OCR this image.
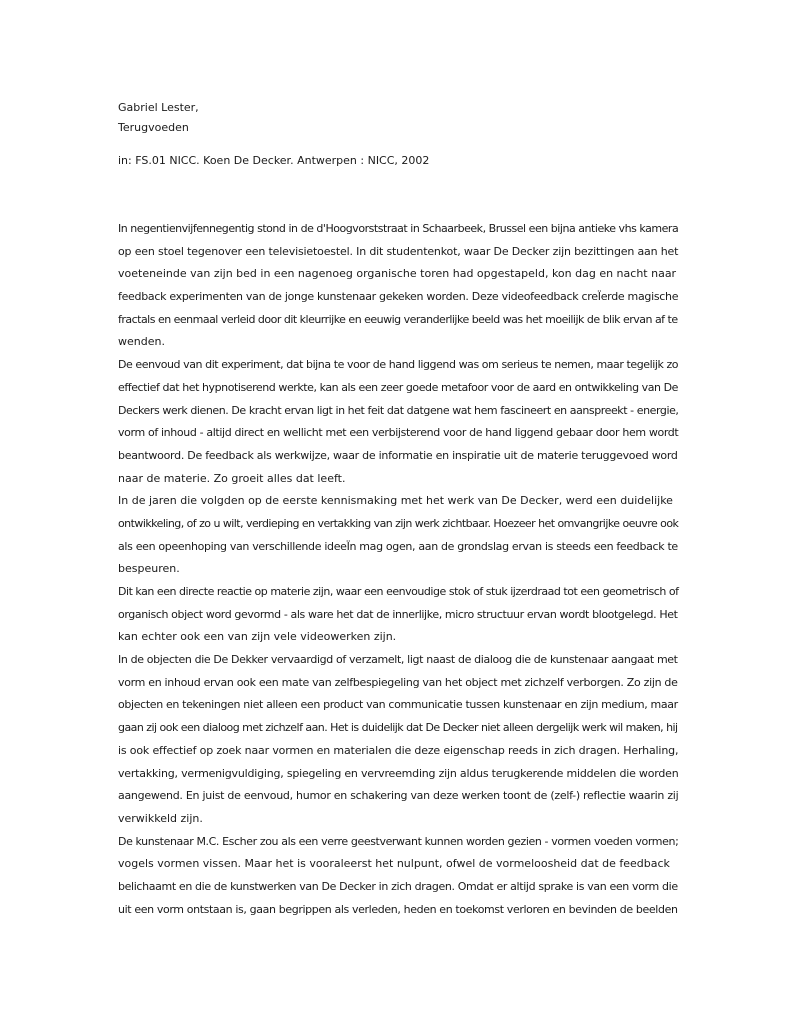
Gabriel Lester,
Terugvoeden
in: FS.01 NICC. Koen De Decker. Antwerpen : NICC, 2002
In negentienvijfennegentig stond in de d'Hoogvorststraat in Schaarbeek, Brussel een bijna antieke vhs kamera
op een stoel tegenover een televisietoestel. In dit studentenkot, waar De Decker zijn bezittingen aan het
voeteneinde van zijn bed in een nagenoeg organische toren had opgestapeld, kon dag en nacht naar
feedback experimenten van de jonge kunstenaar gekeken worden. Deze videofeedback creΪerde magische
fractals en eenmaal verleid door dit kleurrijke en eeuwig veranderlijke beeld was het moeilijk de blik ervan af te
wenden.
De eenvoud van dit experiment, dat bijna te voor de hand liggend was om serieus te nemen, maar tegelijk zo
effectief dat het hypnotiserend werkte, kan als een zeer goede metafoor voor de aard en ontwikkeling van De
Deckers werk dienen. De kracht ervan ligt in het feit dat datgene wat hem fascineert en aanspreekt - energie,
vorm of inhoud - altijd direct en wellicht met een verbijsterend voor de hand liggend gebaar door hem wordt
beantwoord. De feedback als werkwijze, waar de informatie en inspiratie uit de materie teruggevoed word
naar de materie. Zo groeit alles dat leeft.
In de jaren die volgden op de eerste kennismaking met het werk van De Decker, werd een duidelijke
ontwikkeling, of zo u wilt, verdieping en vertakking van zijn werk zichtbaar. Hoezeer het omvangrijke oeuvre ook
als een opeenhoping van verschillende ideeΪn mag ogen, aan de grondslag ervan is steeds een feedback te
bespeuren.
Dit kan een directe reactie op materie zijn, waar een eenvoudige stok of stuk ijzerdraad tot een geometrisch of
organisch object word gevormd - als ware het dat de innerlijke, micro structuur ervan wordt blootgelegd. Het
kan echter ook een van zijn vele videowerken zijn.
In de objecten die De Dekker vervaardigd of verzamelt, ligt naast de dialoog die de kunstenaar aangaat met
vorm en inhoud ervan ook een mate van zelfbespiegeling van het object met zichzelf verborgen. Zo zijn de
objecten en tekeningen niet alleen een product van communicatie tussen kunstenaar en zijn medium, maar
gaan zij ook een dialoog met zichzelf aan. Het is duidelijk dat De Decker niet alleen dergelijk werk wil maken, hij
is ook effectief op zoek naar vormen en materialen die deze eigenschap reeds in zich dragen. Herhaling,
vertakking, vermenigvuldiging, spiegeling en vervreemding zijn aldus terugkerende middelen die worden
aangewend. En juist de eenvoud, humor en schakering van deze werken toont de (zelf-) reflectie waarin zij
verwikkeld zijn.
De kunstenaar M.C. Escher zou als een verre geestverwant kunnen worden gezien - vormen voeden vormen;
vogels vormen vissen. Maar het is vooraleerst het nulpunt, ofwel de vormeloosheid dat de feedback
belichaamt en die de kunstwerken van De Decker in zich dragen. Omdat er altijd sprake is van een vorm die
uit een vorm ontstaan is, gaan begrippen als verleden, heden en toekomst verloren en bevinden de beelden
